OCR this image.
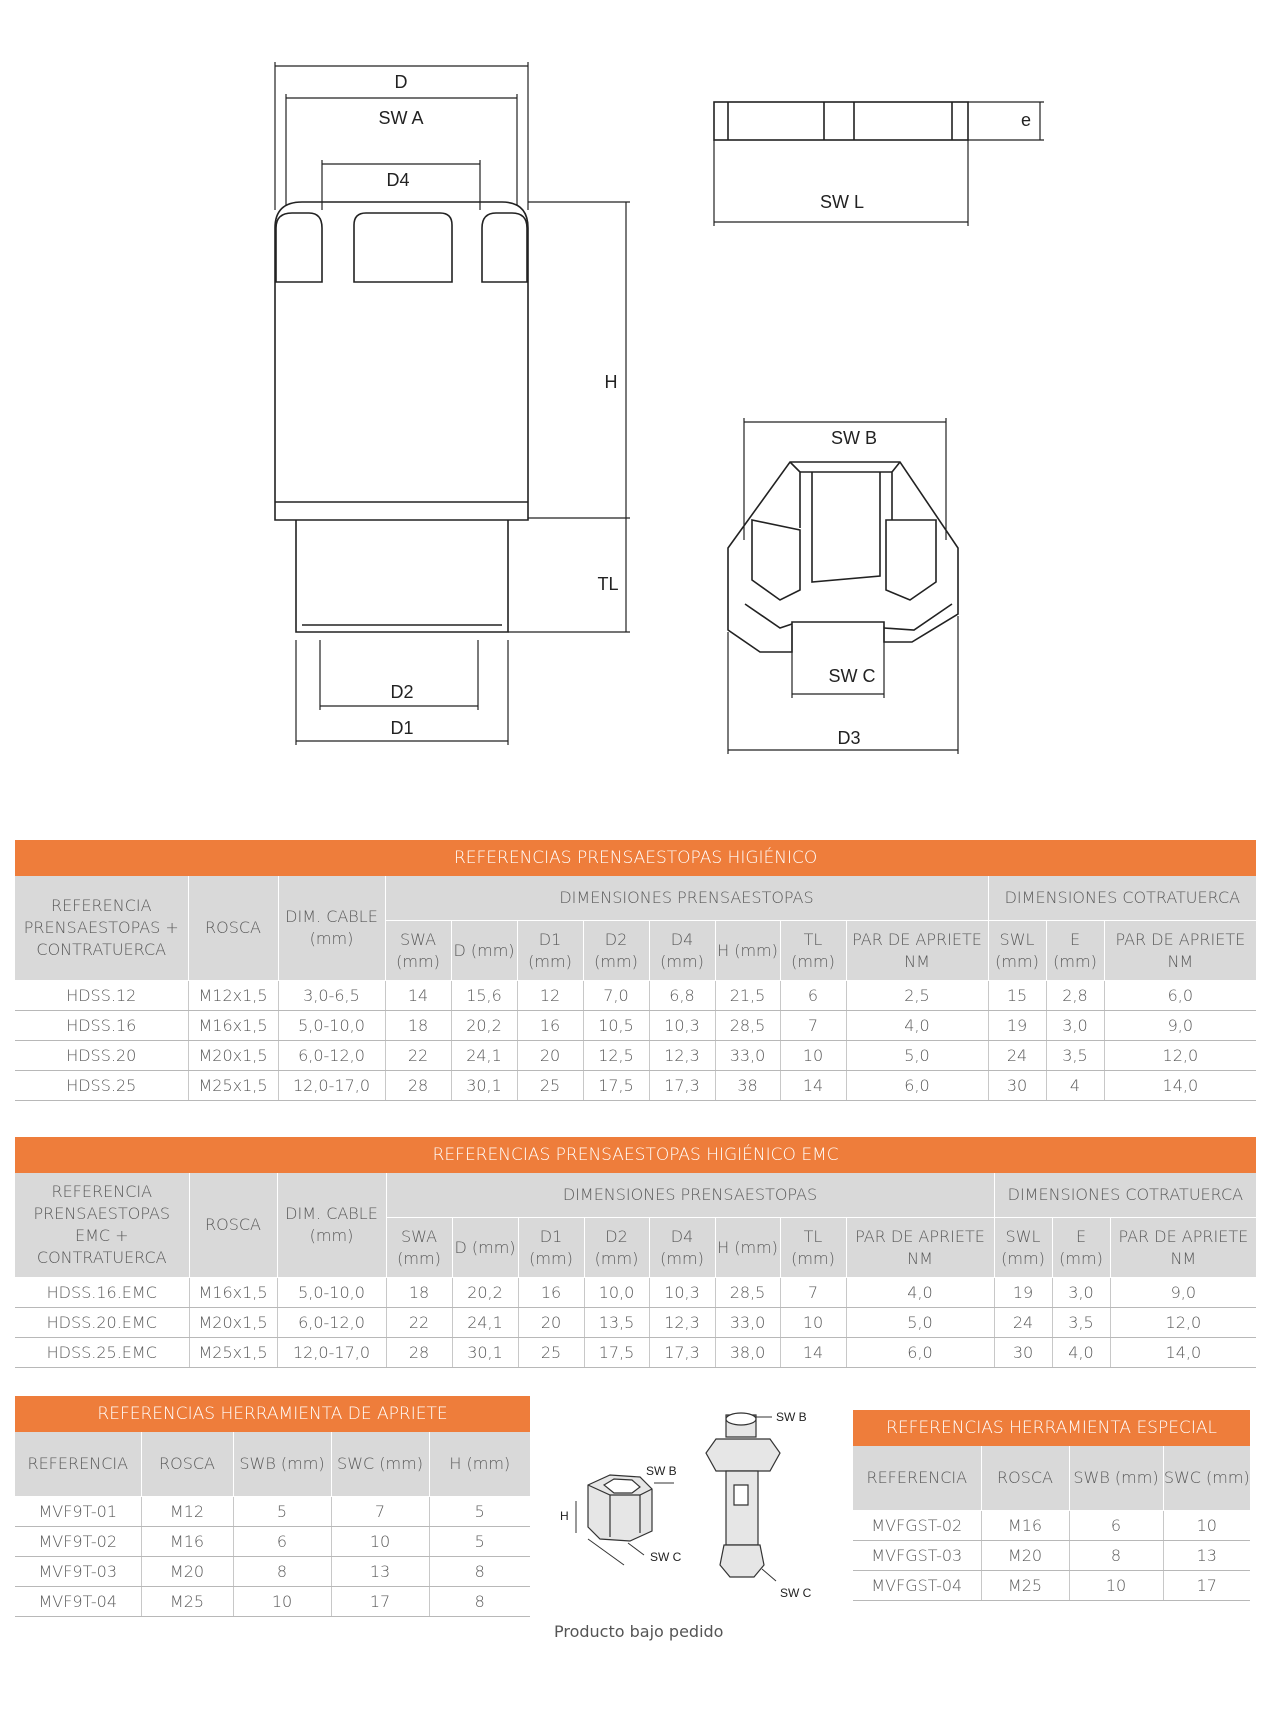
D
SW A
D4
H
TL
D2
D1
e
SW L
SW B
SW C
D3
REFERENCIAS PRENSAESTOPAS HIGIÉNICO													
REFERENCIA PRENSAESTOPAS + CONTRATUERCA	ROSCA	DIM. CABLE (mm)	DIMENSIONES PRENSAESTOPAS								DIMENSIONES COTRATUERCA		
			SWA (mm)	D (mm)	D1 (mm)	D2 (mm)	D4 (mm)	H (mm)	TL (mm)	PAR DE APRIETE NM	SWL (mm)	E (mm)	PAR DE APRIETE NM
HDSS.12	M12x1,5	3,0-6,5	14	15,6	12	7,0	6,8	21,5	6	2,5	15	2,8	6,0
HDSS.16	M16x1,5	5,0-10,0	18	20,2	16	10,5	10,3	28,5	7	4,0	19	3,0	9,0
HDSS.20	M20x1,5	6,0-12,0	22	24,1	20	12,5	12,3	33,0	10	5,0	24	3,5	12,0
HDSS.25	M25x1,5	12,0-17,0	28	30,1	25	17,5	17,3	38	14	6,0	30	4	14,0
REFERENCIAS PRENSAESTOPAS HIGIÉNICO EMC													
REFERENCIA PRENSAESTOPAS EMC + CONTRATUERCA	ROSCA	DIM. CABLE (mm)	DIMENSIONES PRENSAESTOPAS								DIMENSIONES COTRATUERCA		
			SWA (mm)	D (mm)	D1 (mm)	D2 (mm)	D4 (mm)	H (mm)	TL (mm)	PAR DE APRIETE NM	SWL (mm)	E (mm)	PAR DE APRIETE NM
HDSS.16.EMC	M16x1,5	5,0-10,0	18	20,2	16	10,0	10,3	28,5	7	4,0	19	3,0	9,0
HDSS.20.EMC	M20x1,5	6,0-12,0	22	24,1	20	13,5	12,3	33,0	10	5,0	24	3,5	12,0
HDSS.25.EMC	M25x1,5	12,0-17,0	28	30,1	25	17,5	17,3	38,0	14	6,0	30	4,0	14,0
REFERENCIAS HERRAMIENTA DE APRIETE				
REFERENCIA	ROSCA	SWB (mm)	SWC (mm)	H (mm)
MVF9T-01	M12	5	7	5
MVF9T-02	M16	6	10	5
MVF9T-03	M20	8	13	8
MVF9T-04	M25	10	17	8
SW B
H
SW C
SW B
SW C
REFERENCIAS HERRAMIENTA ESPECIAL			
REFERENCIA	ROSCA	SWB (mm)	SWC (mm)
MVFGST-02	M16	6	10
MVFGST-03	M20	8	13
MVFGST-04	M25	10	17
Producto bajo pedido
